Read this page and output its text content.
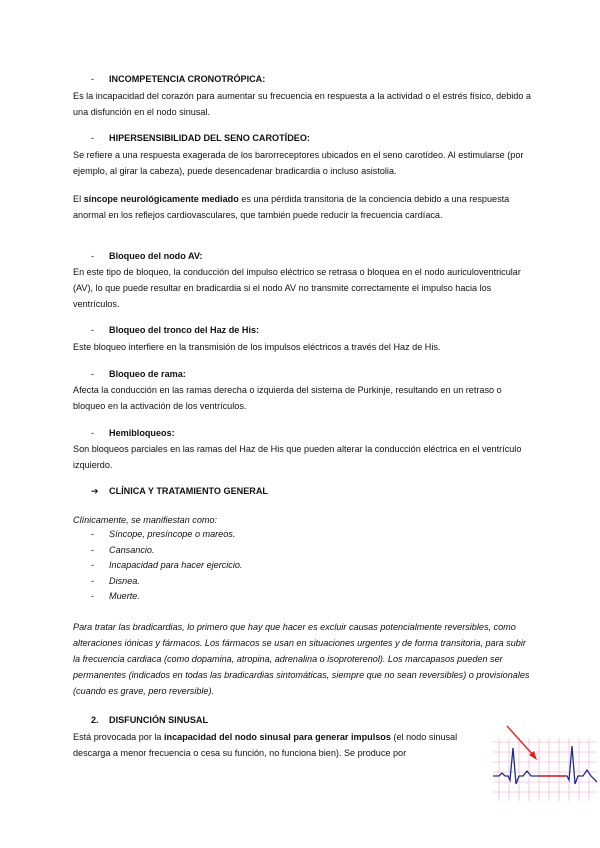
- INCOMPETENCIA CRONOTRÓPICA:
Es la incapacidad del corazón para aumentar su frecuencia en respuesta a la actividad o el estrés físico, debido a una disfunción en el nodo sinusal.
- HIPERSENSIBILIDAD DEL SENO CAROTÍDEO:
Se refiere a una respuesta exagerada de los barorreceptores ubicados en el seno carotídeo. Al estimularse (por ejemplo, al girar la cabeza), puede desencadenar bradicardia o incluso asistolia.
El síncope neurológicamente mediado es una pérdida transitoria de la conciencia debido a una respuesta anormal en los reflejos cardiovasculares, que también puede reducir la frecuencia cardíaca.
- Bloqueo del nodo AV:
En este tipo de bloqueo, la conducción del impulso eléctrico se retrasa o bloquea en el nodo auriculoventricular (AV), lo que puede resultar en bradicardia si el nodo AV no transmite correctamente el impulso hacia los ventrículos.
- Bloqueo del tronco del Haz de His:
Este bloqueo interfiere en la transmisión de los impulsos eléctricos a través del Haz de His.
- Bloqueo de rama:
Afecta la conducción en las ramas derecha o izquierda del sistema de Purkinje, resultando en un retraso o bloqueo en la activación de los ventrículos.
- Hemibloqueos:
Son bloqueos parciales en las ramas del Haz de His que pueden alterar la conducción eléctrica en el ventrículo izquierdo.
➔ CLÍNICA Y TRATAMIENTO GENERAL
Clínicamente, se manifiestan como:
- Síncope, presíncope o mareos.
- Cansancio.
- Incapacidad para hacer ejercicio.
- Disnea.
- Muerte.
Para tratar las bradicardias, lo primero que hay que hacer es excluir causas potencialmente reversibles, como alteraciones iónicas y fármacos. Los fármacos se usan en situaciones urgentes y de forma transitoria, para subir la frecuencia cardiaca (como dopamina, atropina, adrenalina o isoproterenol). Los marcapasos pueden ser permanentes (indicados en todas las bradicardias sintomáticas, siempre que no sean reversibles) o provisionales (cuando es grave, pero reversible).
2. DISFUNCIÓN SINUSAL
Está provocada por la incapacidad del nodo sinusal para generar impulsos (el nodo sinusal descarga a menor frecuencia o cesa su función, no funciona bien). Se produce por
